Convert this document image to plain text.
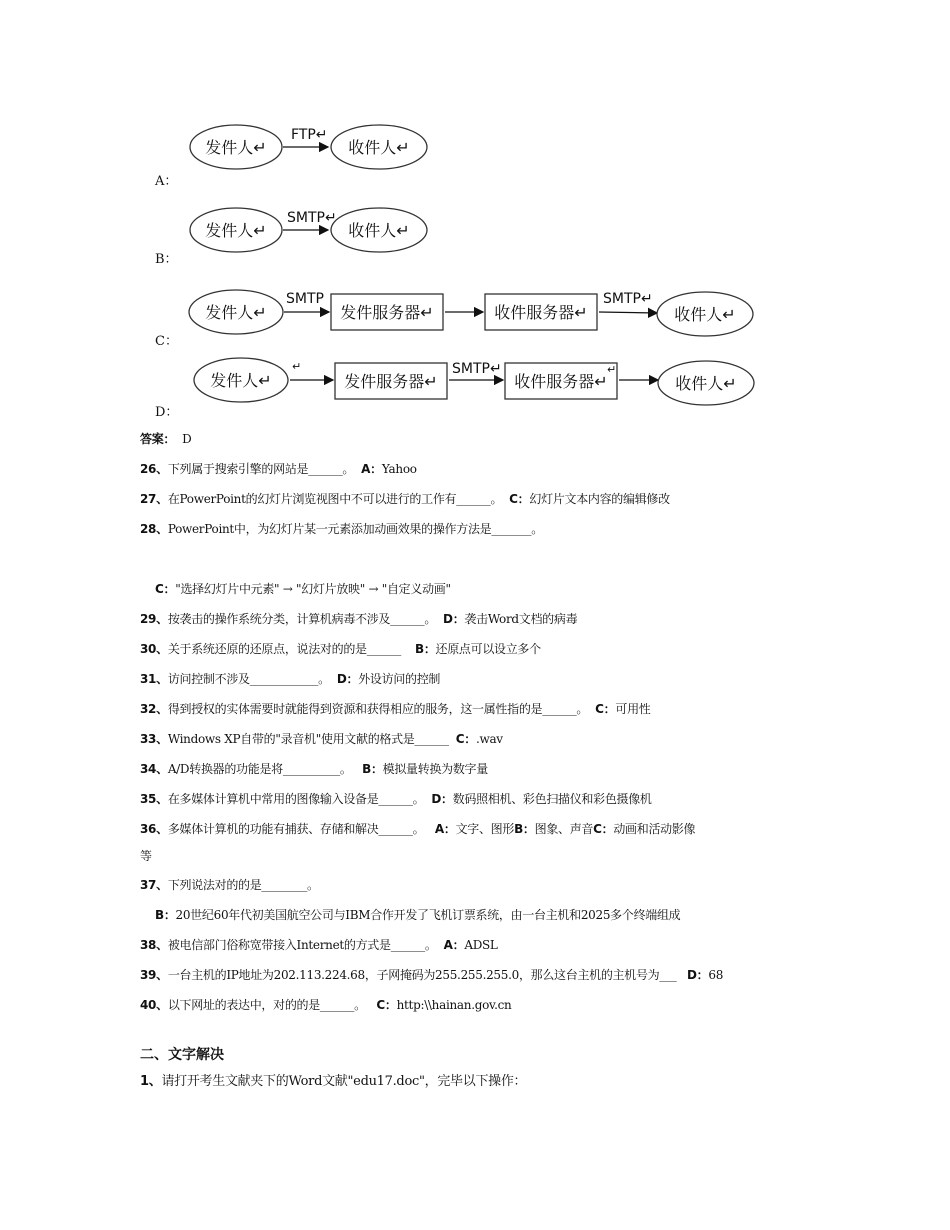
发件人↵
FTP↵
收件人↵
A：
发件人↵
SMTP↵
收件人↵
B：
发件人↵
SMTP
发件服务器↵	收件服务器↵
SMTP↵
收件人↵
C：
发件人↵
↵
发件服务器↵
SMTP↵
收件服务器↵
↵
收件人↵
D：
答案： D
26、下列属于搜索引擎的网站是______。 A：Yahoo
27、在PowerPoint的幻灯片浏览视图中不可以进行的工作有______。 C：幻灯片文本内容的编辑修改
28、PowerPoint中，为幻灯片某一元素添加动画效果的操作方法是_______。
C："选择幻灯片中元素" → "幻灯片放映" → "自定义动画"
29、按袭击的操作系统分类，计算机病毒不涉及______。 D：袭击Word文档的病毒
30、关于系统还原的还原点，说法对的的是______ B：还原点可以设立多个
31、访问控制不涉及____________。 D：外设访问的控制
32、得到授权的实体需要时就能得到资源和获得相应的服务，这一属性指的是______。 C：可用性
33、Windows XP自带的"录音机"使用文献的格式是______ C：.wav
34、A/D转换器的功能是将__________。 B：模拟量转换为数字量
35、在多媒体计算机中常用的图像输入设备是______。 D：数码照相机、彩色扫描仪和彩色摄像机
36、多媒体计算机的功能有捕获、存储和解决______。 A：文字、图形B：图象、声音C：动画和活动影像
等
37、下列说法对的的是________。
B：20世纪60年代初美国航空公司与IBM合作开发了飞机订票系统，由一台主机和2025多个终端组成
38、被电信部门俗称宽带接入Internet的方式是______。 A：ADSL
39、一台主机的IP地址为202.113.224.68，子网掩码为255.255.255.0，那么这台主机的主机号为___ D：68
40、以下网址的表达中，对的的是______。 C：http:\\hainan.gov.cn
二、文字解决
1、请打开考生文献夹下的Word文献"edu17.doc"，完毕以下操作：
